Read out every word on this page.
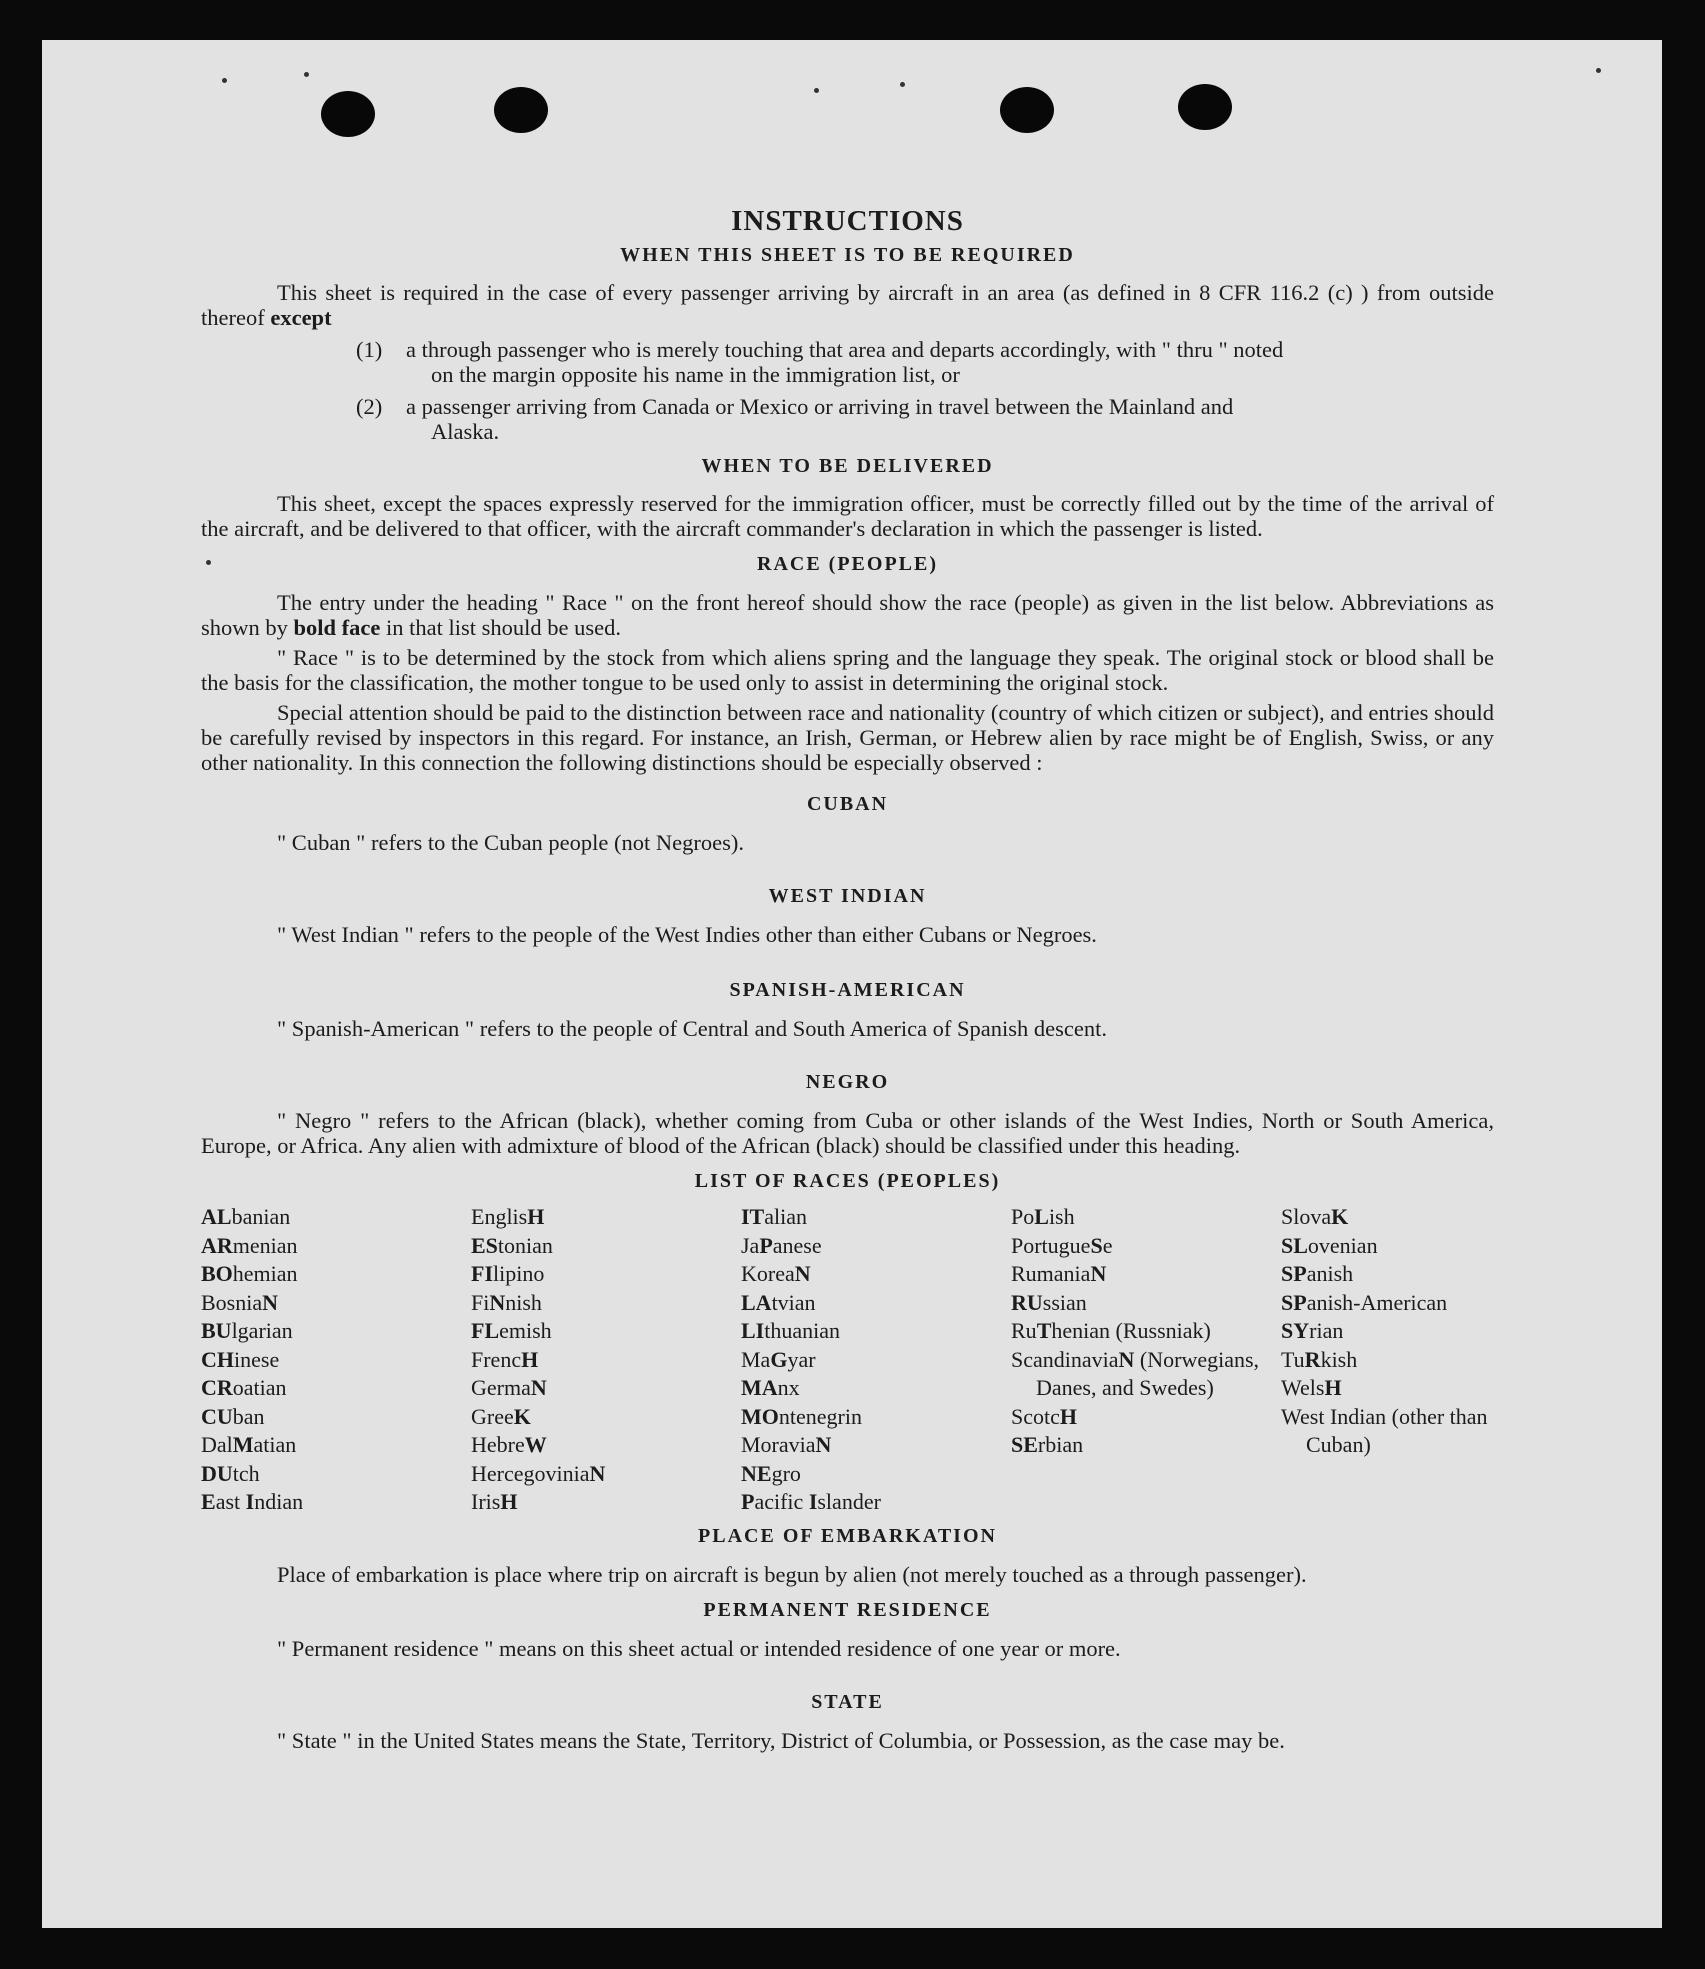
INSTRUCTIONS
WHEN THIS SHEET IS TO BE REQUIRED

This sheet is required in the case of every passenger arriving by aircraft in an area (as defined in 8 CFR 116.2 (c) ) from outside thereof except

(1)	a through passenger who is merely touching that area and departs accordingly, with " thru " noted
on the margin opposite his name in the immigration list, or
(2)	a passenger arriving from Canada or Mexico or arriving in travel between the Mainland and
Alaska.
WHEN TO BE DELIVERED

This sheet, except the spaces expressly reserved for the immigration officer, must be correctly filled out by the time of the arrival of the aircraft, and be delivered to that officer, with the aircraft commander's declaration in which the passenger is listed.

RACE (PEOPLE)

The entry under the heading " Race " on the front hereof should show the race (people) as given in the list below. Abbreviations as shown by bold face in that list should be used.

" Race " is to be determined by the stock from which aliens spring and the language they speak. The original stock or blood shall be the basis for the classification, the mother tongue to be used only to assist in determining the original stock.

Special attention should be paid to the distinction between race and nationality (country of which citizen or subject), and entries should be carefully revised by inspectors in this regard. For instance, an Irish, German, or Hebrew alien by race might be of English, Swiss, or any other nationality. In this connection the following distinctions should be especially observed :

CUBAN

" Cuban " refers to the Cuban people (not Negroes).

WEST INDIAN

" West Indian " refers to the people of the West Indies other than either Cubans or Negroes.

SPANISH-AMERICAN

" Spanish-American " refers to the people of Central and South America of Spanish descent.

NEGRO

" Negro " refers to the African (black), whether coming from Cuba or other islands of the West Indies, North or South America, Europe, or Africa. Any alien with admixture of blood of the African (black) should be classified under this heading.

LIST OF RACES (PEOPLES)
ALbanian
ARmenian
BOhemian
BosniaN
BUlgarian
CHinese
CRoatian
CUban
DalMatian
DUtch
East Indian
EnglisH
EStonian
FIlipino
FiNnish
FLemish
FrencH
GermaN
GreeK
HebreW
HercegoviniaN
IrisH
ITalian
JaPanese
KoreaN
LAtvian
LIthuanian
MaGyar
MAnx
MOntenegrin
MoraviaN
NEgro
Pacific Islander
PoLish
PortugueSe
RumaniaN
RUssian
RuThenian (Russniak)
ScandinaviaN (Norwegians, Danes, and Swedes)
ScotcH
SErbian
SlovaK
SLovenian
SPanish
SPanish-American
SYrian
TuRkish
WelsH
West Indian (other than Cuban)
PLACE OF EMBARKATION

Place of embarkation is place where trip on aircraft is begun by alien (not merely touched as a through passenger).

PERMANENT RESIDENCE

" Permanent residence " means on this sheet actual or intended residence of one year or more.

STATE

" State " in the United States means the State, Territory, District of Columbia, or Possession, as the case may be.
